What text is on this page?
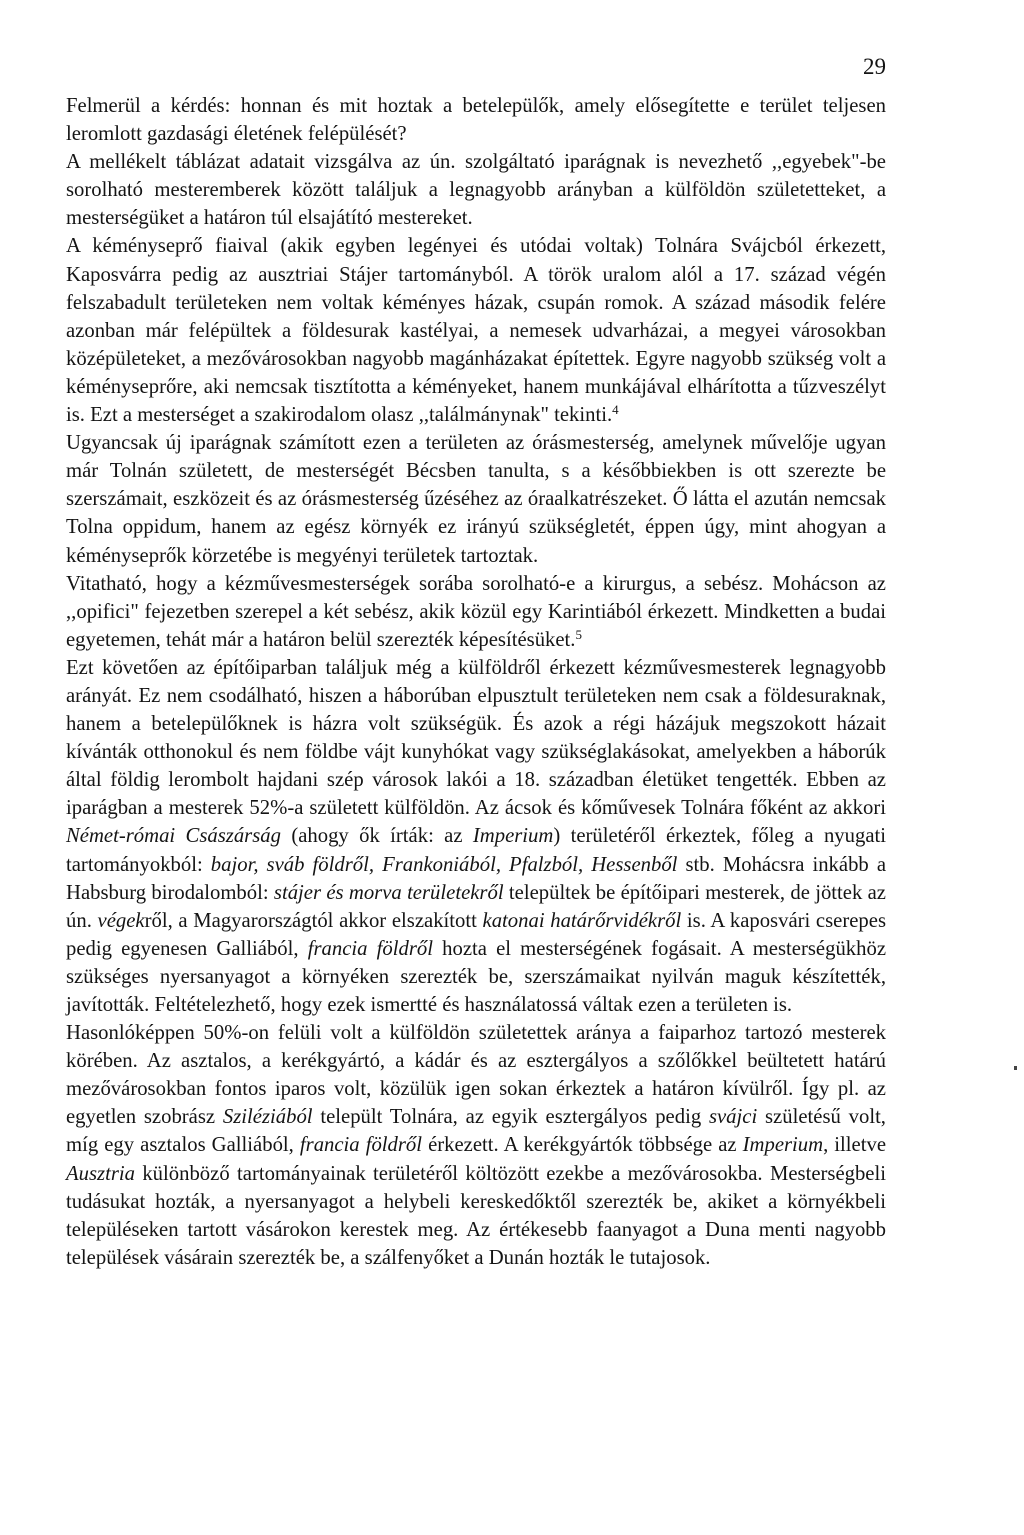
29

Felmerül a kérdés: honnan és mit hoztak a betelepülők, amely elősegítette e terület teljesen leromlott gazdasági életének felépülését?

A mellékelt táblázat adatait vizsgálva az ún. szolgáltató iparágnak is nevezhető ,,egyebek"-be sorolható mesteremberek között találjuk a legnagyobb arányban a külföldön születetteket, a mesterségüket a határon túl elsajátító mestereket.

A kéményseprő fiaival (akik egyben legényei és utódai voltak) Tolnára Svájcból érkezett, Kaposvárra pedig az ausztriai Stájer tartományból. A török uralom alól a 17. század végén felszabadult területeken nem voltak kéményes házak, csupán romok. A század második felére azonban már felépültek a földesurak kastélyai, a nemesek udvarházai, a megyei városokban középületeket, a mezővárosokban nagyobb magánházakat építettek. Egyre nagyobb szükség volt a kéményseprőre, aki nemcsak tisztította a kéményeket, hanem munkájával elhárította a tűzveszélyt is. Ezt a mesterséget a szakirodalom olasz ,,találmánynak" tekinti.$^4$

Ugyancsak új iparágnak számított ezen a területen az órásmesterség, amelynek művelője ugyan már Tolnán született, de mesterségét Bécsben tanulta, s a későbbiekben is ott szerezte be szerszámait, eszközeit és az órásmesterség űzéséhez az óraalkatrészeket. Ő látta el azután nemcsak Tolna oppidum, hanem az egész környék ez irányú szükségletét, éppen úgy, mint ahogyan a kéményseprők körzetébe is megyényi területek tartoztak.

Vitatható, hogy a kézművesmesterségek sorába sorolható-e a kirurgus, a sebész. Mohácson az ,,opifici" fejezetben szerepel a két sebész, akik közül egy Karintiából érkezett. Mindketten a budai egyetemen, tehát már a határon belül szerezték képesítésüket.$^5$

Ezt követően az építőiparban találjuk még a külföldről érkezett kézművesmesterek legnagyobb arányát. Ez nem csodálható, hiszen a háborúban elpusztult területeken nem csak a földesuraknak, hanem a betelepülőknek is házra volt szükségük. És azok a régi házájuk megszokott házait kívánták otthonokul és nem földbe vájt kunyhókat vagy szükséglakásokat, amelyekben a háborúk által földig lerombolt hajdani szép városok lakói a 18. században életüket tengették. Ebben az iparágban a mesterek 52%-a született külföldön. Az ácsok és kőművesek Tolnára főként az akkori Német-római Császárság (ahogy ők írták: az Imperium) területéről érkeztek, főleg a nyugati tartományokból: bajor, sváb földről, Frankoniából, Pfalzból, Hessenből stb. Mohácsra inkább a Habsburg birodalomból: stájer és morva területekről települtek be építőipari mesterek, de jöttek az ún. végekről, a Magyarországtól akkor elszakított katonai határőrvidékről is. A kaposvári cserepes pedig egyenesen Galliából, francia földről hozta el mesterségének fogásait. A mesterségükhöz szükséges nyersanyagot a környéken szerezték be, szerszámaikat nyilván maguk készítették, javították. Feltételezhető, hogy ezek ismertté és használatossá váltak ezen a területen is.

Hasonlóképpen 50%-on felüli volt a külföldön születettek aránya a faiparhoz tartozó mesterek körében. Az asztalos, a kerékgyártó, a kádár és az esztergályos a szőlőkkel beültetett határú mezővárosokban fontos iparos volt, közülük igen sokan érkeztek a határon kívülről. Így pl. az egyetlen szobrász Sziléziából települt Tolnára, az egyik esztergályos pedig svájci születésű volt, míg egy asztalos Galliából, francia földről érkezett. A kerékgyártók többsége az Imperium, illetve Ausztria különböző tartományainak területéről költözött ezekbe a mezővárosokba. Mesterségbeli tudásukat hozták, a nyersanyagot a helybeli kereskedőktől szerezték be, akiket a környékbeli településeken tartott vásárokon kerestek meg. Az értékesebb faanyagot a Duna menti nagyobb települések vásárain szerezték be, a szálfenyőket a Dunán hozták le tutajosok.
